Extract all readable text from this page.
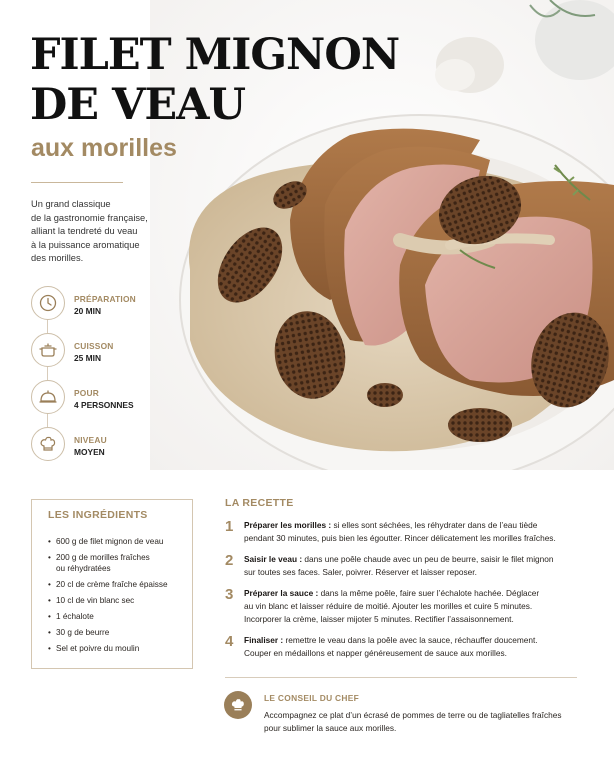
FILET MIGNON
DE VEAU
aux morilles
Un grand classique
de la gastronomie française,
alliant la tendreté du veau
à la puissance aromatique
des morilles.
PRÉPARATION
20 MIN
CUISSON
25 MIN
POUR
4 PERSONNES
NIVEAU
MOYEN
LES INGRÉDIENTS
• 600 g de filet mignon de veau
• 200 g de morilles fraîches
ou réhydratées
• 20 cl de crème fraîche épaisse
• 10 cl de vin blanc sec
• 1 échalote
• 30 g de beurre
• Sel et poivre du moulin
LA RECETTE
1 Préparer les morilles : si elles sont séchées, les réhydrater dans de l’eau tiède
pendant 30 minutes, puis bien les égoutter. Rincer délicatement les morilles fraîches.
2 Saisir le veau : dans une poêle chaude avec un peu de beurre, saisir le filet mignon
sur toutes ses faces. Saler, poivrer. Réserver et laisser reposer.
3 Préparer la sauce : dans la même poêle, faire suer l’échalote hachée. Déglacer
au vin blanc et laisser réduire de moitié. Ajouter les morilles et cuire 5 minutes.
Incorporer la crème, laisser mijoter 5 minutes. Rectifier l’assaisonnement.
4 Finaliser : remettre le veau dans la poêle avec la sauce, réchauffer doucement.
Couper en médaillons et napper généreusement de sauce aux morilles.
LE CONSEIL DU CHEF
Accompagnez ce plat d’un écrasé de pommes de terre ou de tagliatelles fraîches
pour sublimer la sauce aux morilles.
